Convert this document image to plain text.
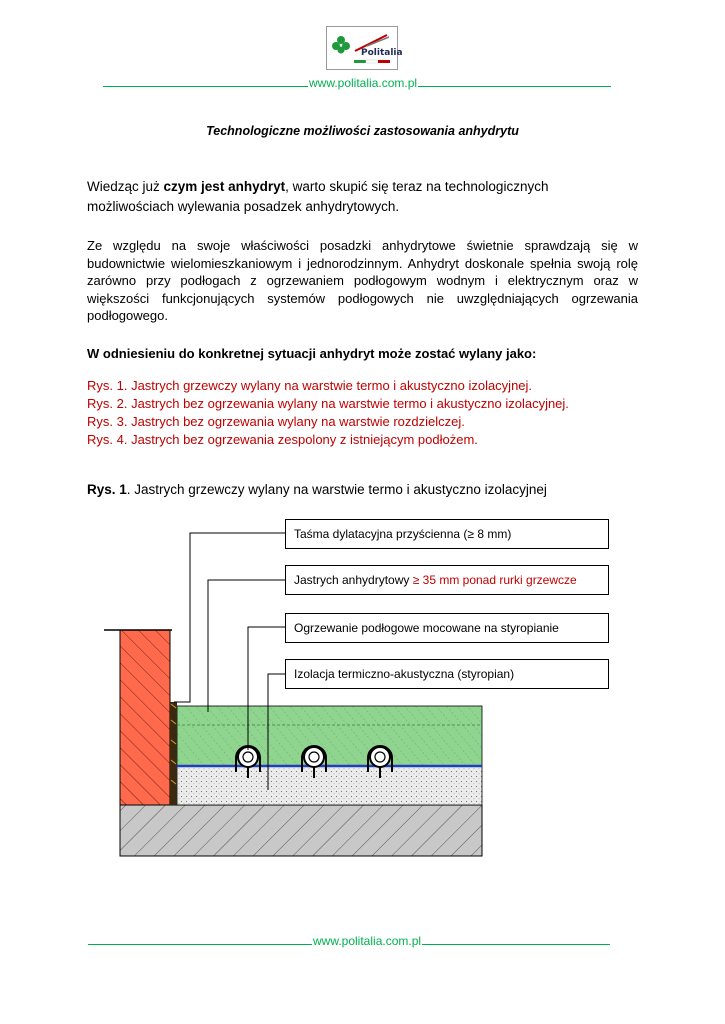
Politalia
www.politalia.com.pl
Technologiczne możliwości zastosowania anhydrytu
Wiedząc już czym jest anhydryt, warto skupić się teraz na technologicznych możliwościach wylewania posadzek anhydrytowych.
Ze względu na swoje właściwości posadzki anhydrytowe świetnie sprawdzają się w budownictwie wielomieszkaniowym i jednorodzinnym. Anhydryt doskonale spełnia swoją rolę zarówno przy podłogach z ogrzewaniem podłogowym wodnym i elektrycznym oraz w większości funkcjonujących systemów podłogowych nie uwzględniających ogrzewania podłogowego.
W odniesieniu do konkretnej sytuacji anhydryt może zostać wylany jako:
Rys. 1. Jastrych grzewczy wylany na warstwie termo i akustyczno izolacyjnej.
Rys. 2. Jastrych bez ogrzewania wylany na warstwie termo i akustyczno izolacyjnej.
Rys. 3. Jastrych bez ogrzewania wylany na warstwie rozdzielczej.
Rys. 4. Jastrych bez ogrzewania zespolony z istniejącym podłożem.
Rys. 1. Jastrych grzewczy wylany na warstwie termo i akustyczno izolacyjnej
Taśma dylatacyjna przyścienna (≥ 8 mm)
Jastrych anhydrytowy ≥ 35 mm ponad rurki grzewcze
Ogrzewanie podłogowe mocowane na styropianie
Izolacja termiczno-akustyczna (styropian)
www.politalia.com.pl
